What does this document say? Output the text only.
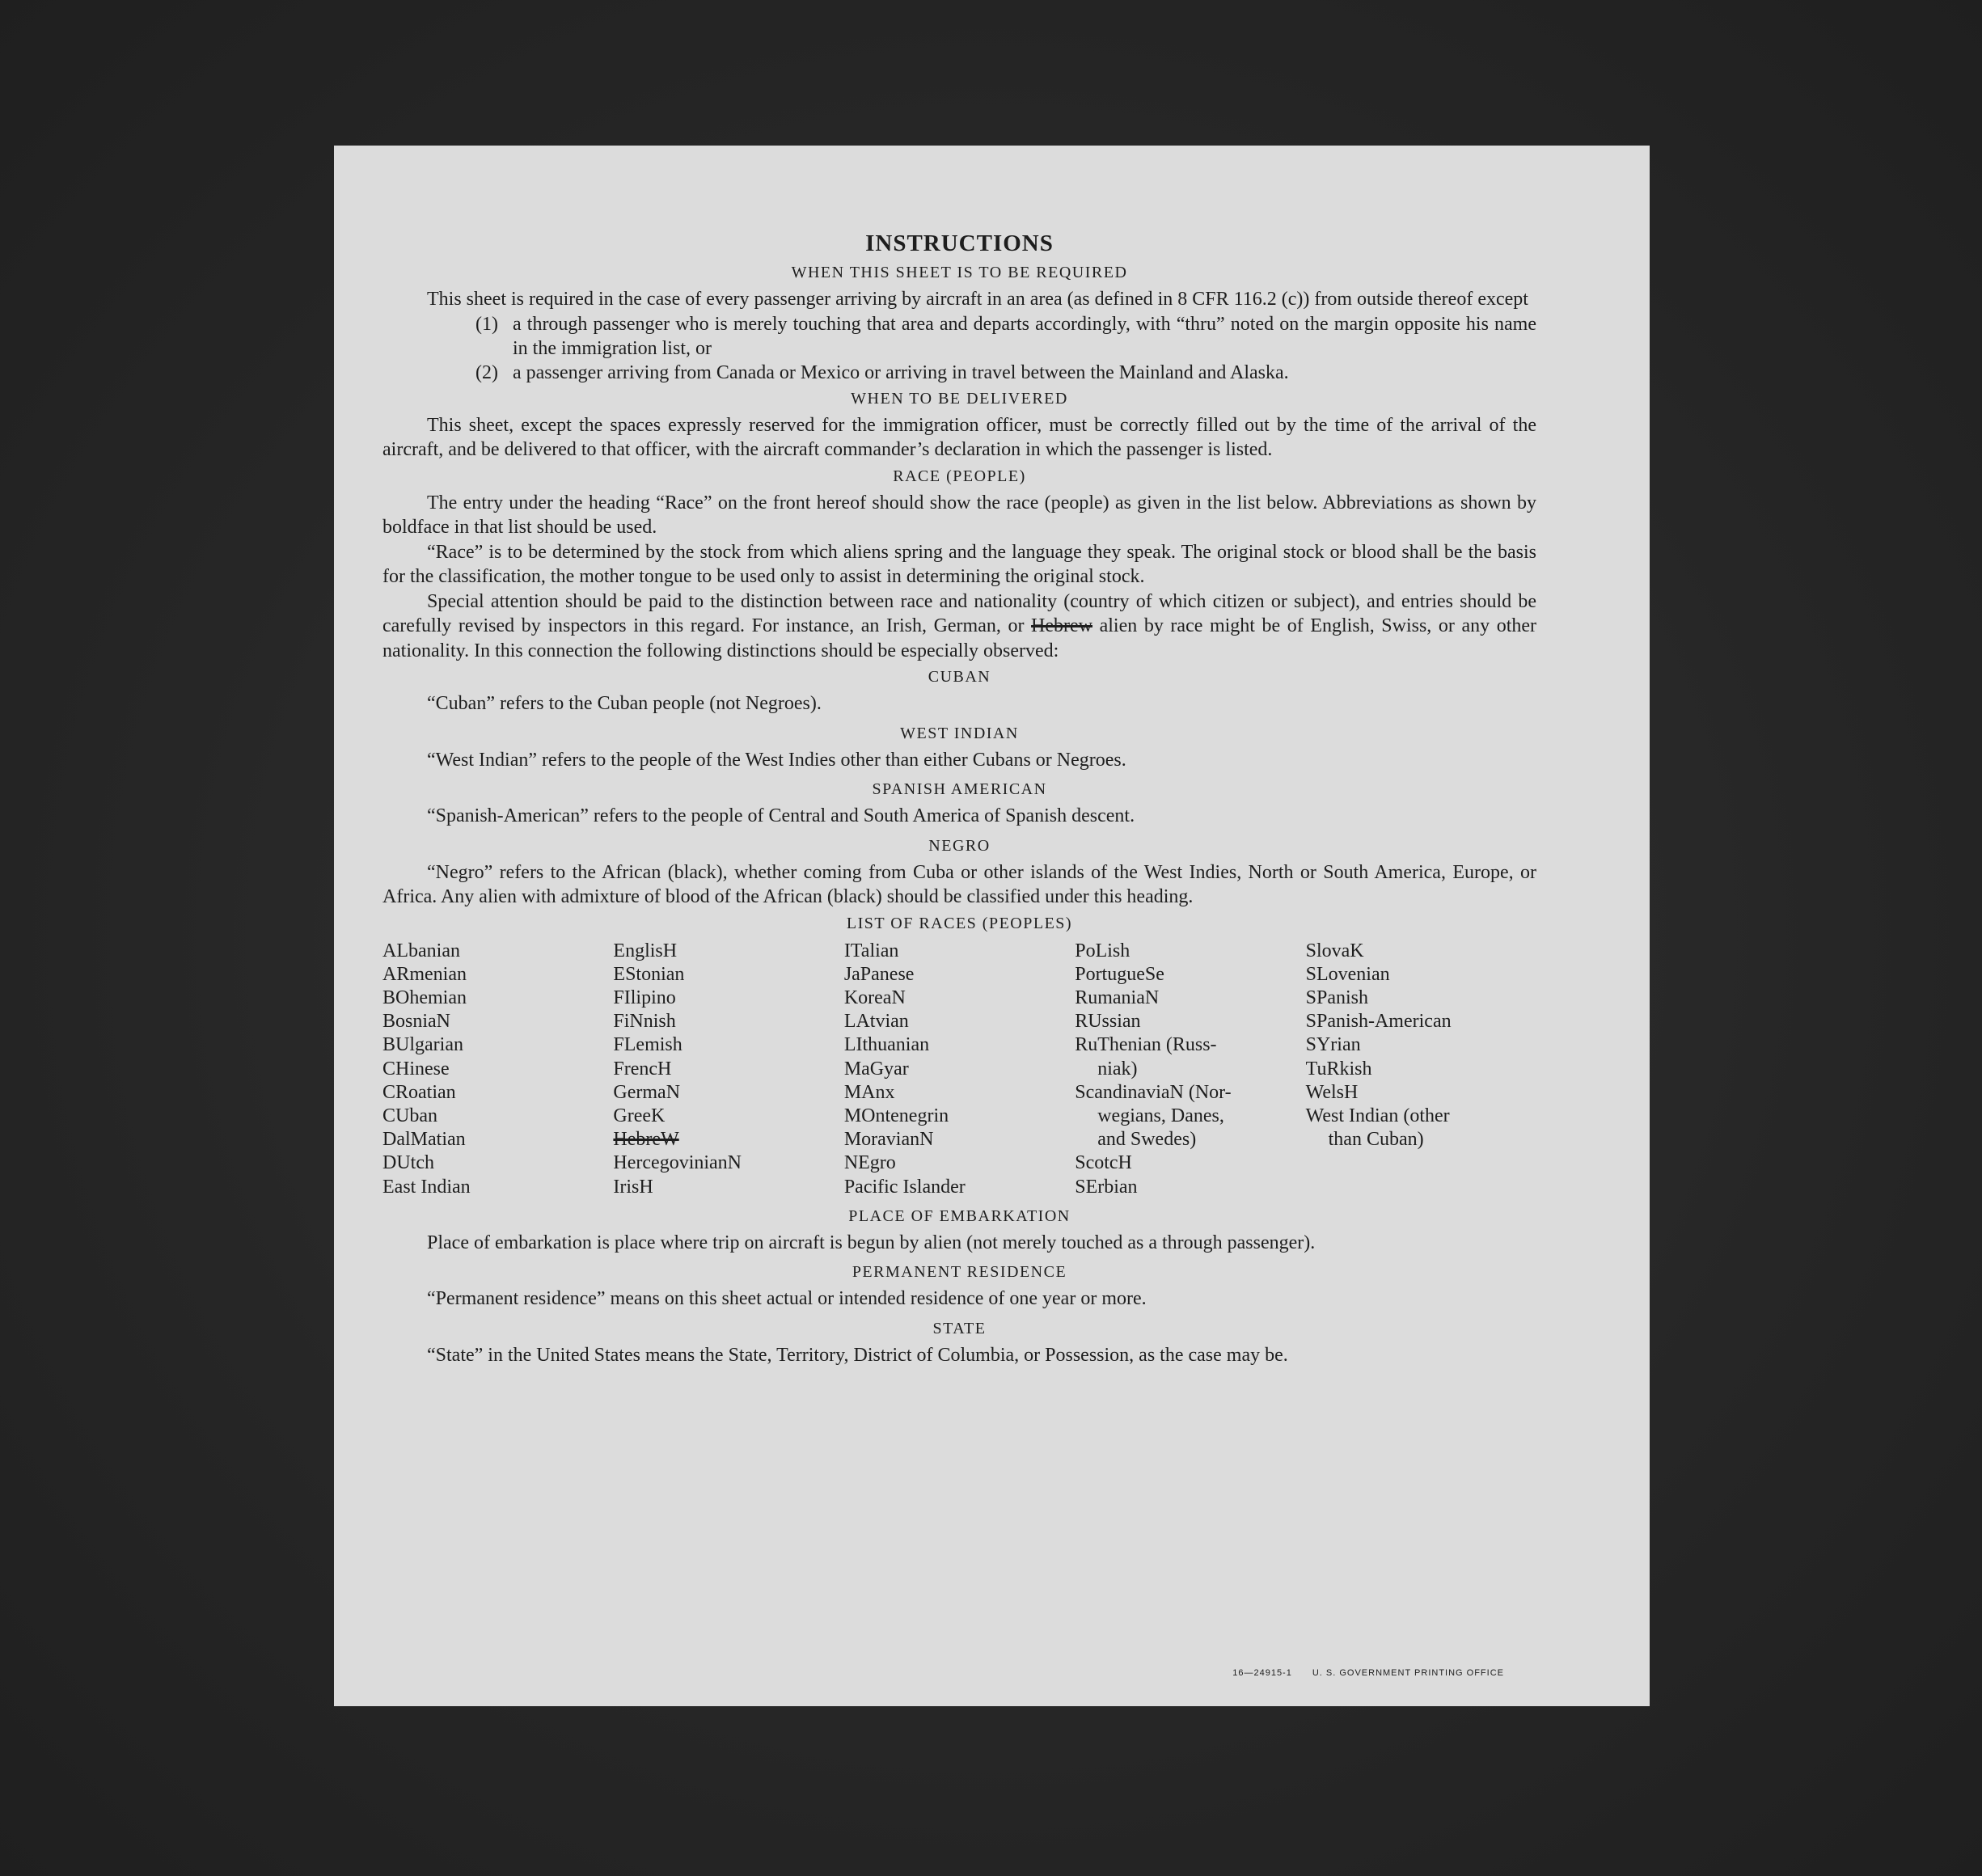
INSTRUCTIONS
WHEN THIS SHEET IS TO BE REQUIRED

This sheet is required in the case of every passenger arriving by aircraft in an area (as defined in 8 CFR 116.2 (c)) from outside thereof except

(1) a through passenger who is merely touching that area and departs accordingly, with “thru” noted on the margin opposite his name in the immigration list, or
(2) a passenger arriving from Canada or Mexico or arriving in travel between the Mainland and Alaska.
WHEN TO BE DELIVERED

This sheet, except the spaces expressly reserved for the immigration officer, must be correctly filled out by the time of the arrival of the aircraft, and be delivered to that officer, with the aircraft commander’s declaration in which the passenger is listed.

RACE (PEOPLE)

The entry under the heading “Race” on the front hereof should show the race (people) as given in the list below. Abbreviations as shown by boldface in that list should be used.

“Race” is to be determined by the stock from which aliens spring and the language they speak. The original stock or blood shall be the basis for the classification, the mother tongue to be used only to assist in determining the original stock.

Special attention should be paid to the distinction between race and nationality (country of which citizen or subject), and entries should be carefully revised by inspectors in this regard. For instance, an Irish, German, or Hebrew alien by race might be of English, Swiss, or any other nationality. In this connection the following distinctions should be especially observed:

CUBAN

“Cuban” refers to the Cuban people (not Negroes).

WEST INDIAN

“West Indian” refers to the people of the West Indies other than either Cubans or Negroes.

SPANISH AMERICAN

“Spanish-American” refers to the people of Central and South America of Spanish descent.

NEGRO

“Negro” refers to the African (black), whether coming from Cuba or other islands of the West Indies, North or South America, Europe, or Africa. Any alien with admixture of blood of the African (black) should be classified under this heading.

LIST OF RACES (PEOPLES)
ALbanian
ARmenian
BOhemian
BosniaN
BUlgarian
CHinese
CRoatian
CUban
DalMatian
DUtch
East Indian
EnglisH
EStonian
FIlipino
FiNnish
FLemish
FrencH
GermaN
GreeK
HebreW
HercegovinianN
IrisH
ITalian
JaPanese
KoreaN
LAtvian
LIthuanian
MaGyar
MAnx
MOntenegrin
MoravianN
NEgro
Pacific Islander
PoLish
PortugueSe
RumaniaN
RUssian
RuThenian (Russ-
niak)
ScandinaviaN (Nor-
wegians, Danes,
and Swedes)
ScotcH
SErbian
SlovaK
SLovenian
SPanish
SPanish-American
SYrian
TuRkish
WelsH
West Indian (other
than Cuban)
PLACE OF EMBARKATION

Place of embarkation is place where trip on aircraft is begun by alien (not merely touched as a through passenger).

PERMANENT RESIDENCE

“Permanent residence” means on this sheet actual or intended residence of one year or more.

STATE

“State” in the United States means the State, Territory, District of Columbia, or Possession, as the case may be.

16—24915-1 U. S. GOVERNMENT PRINTING OFFICE
